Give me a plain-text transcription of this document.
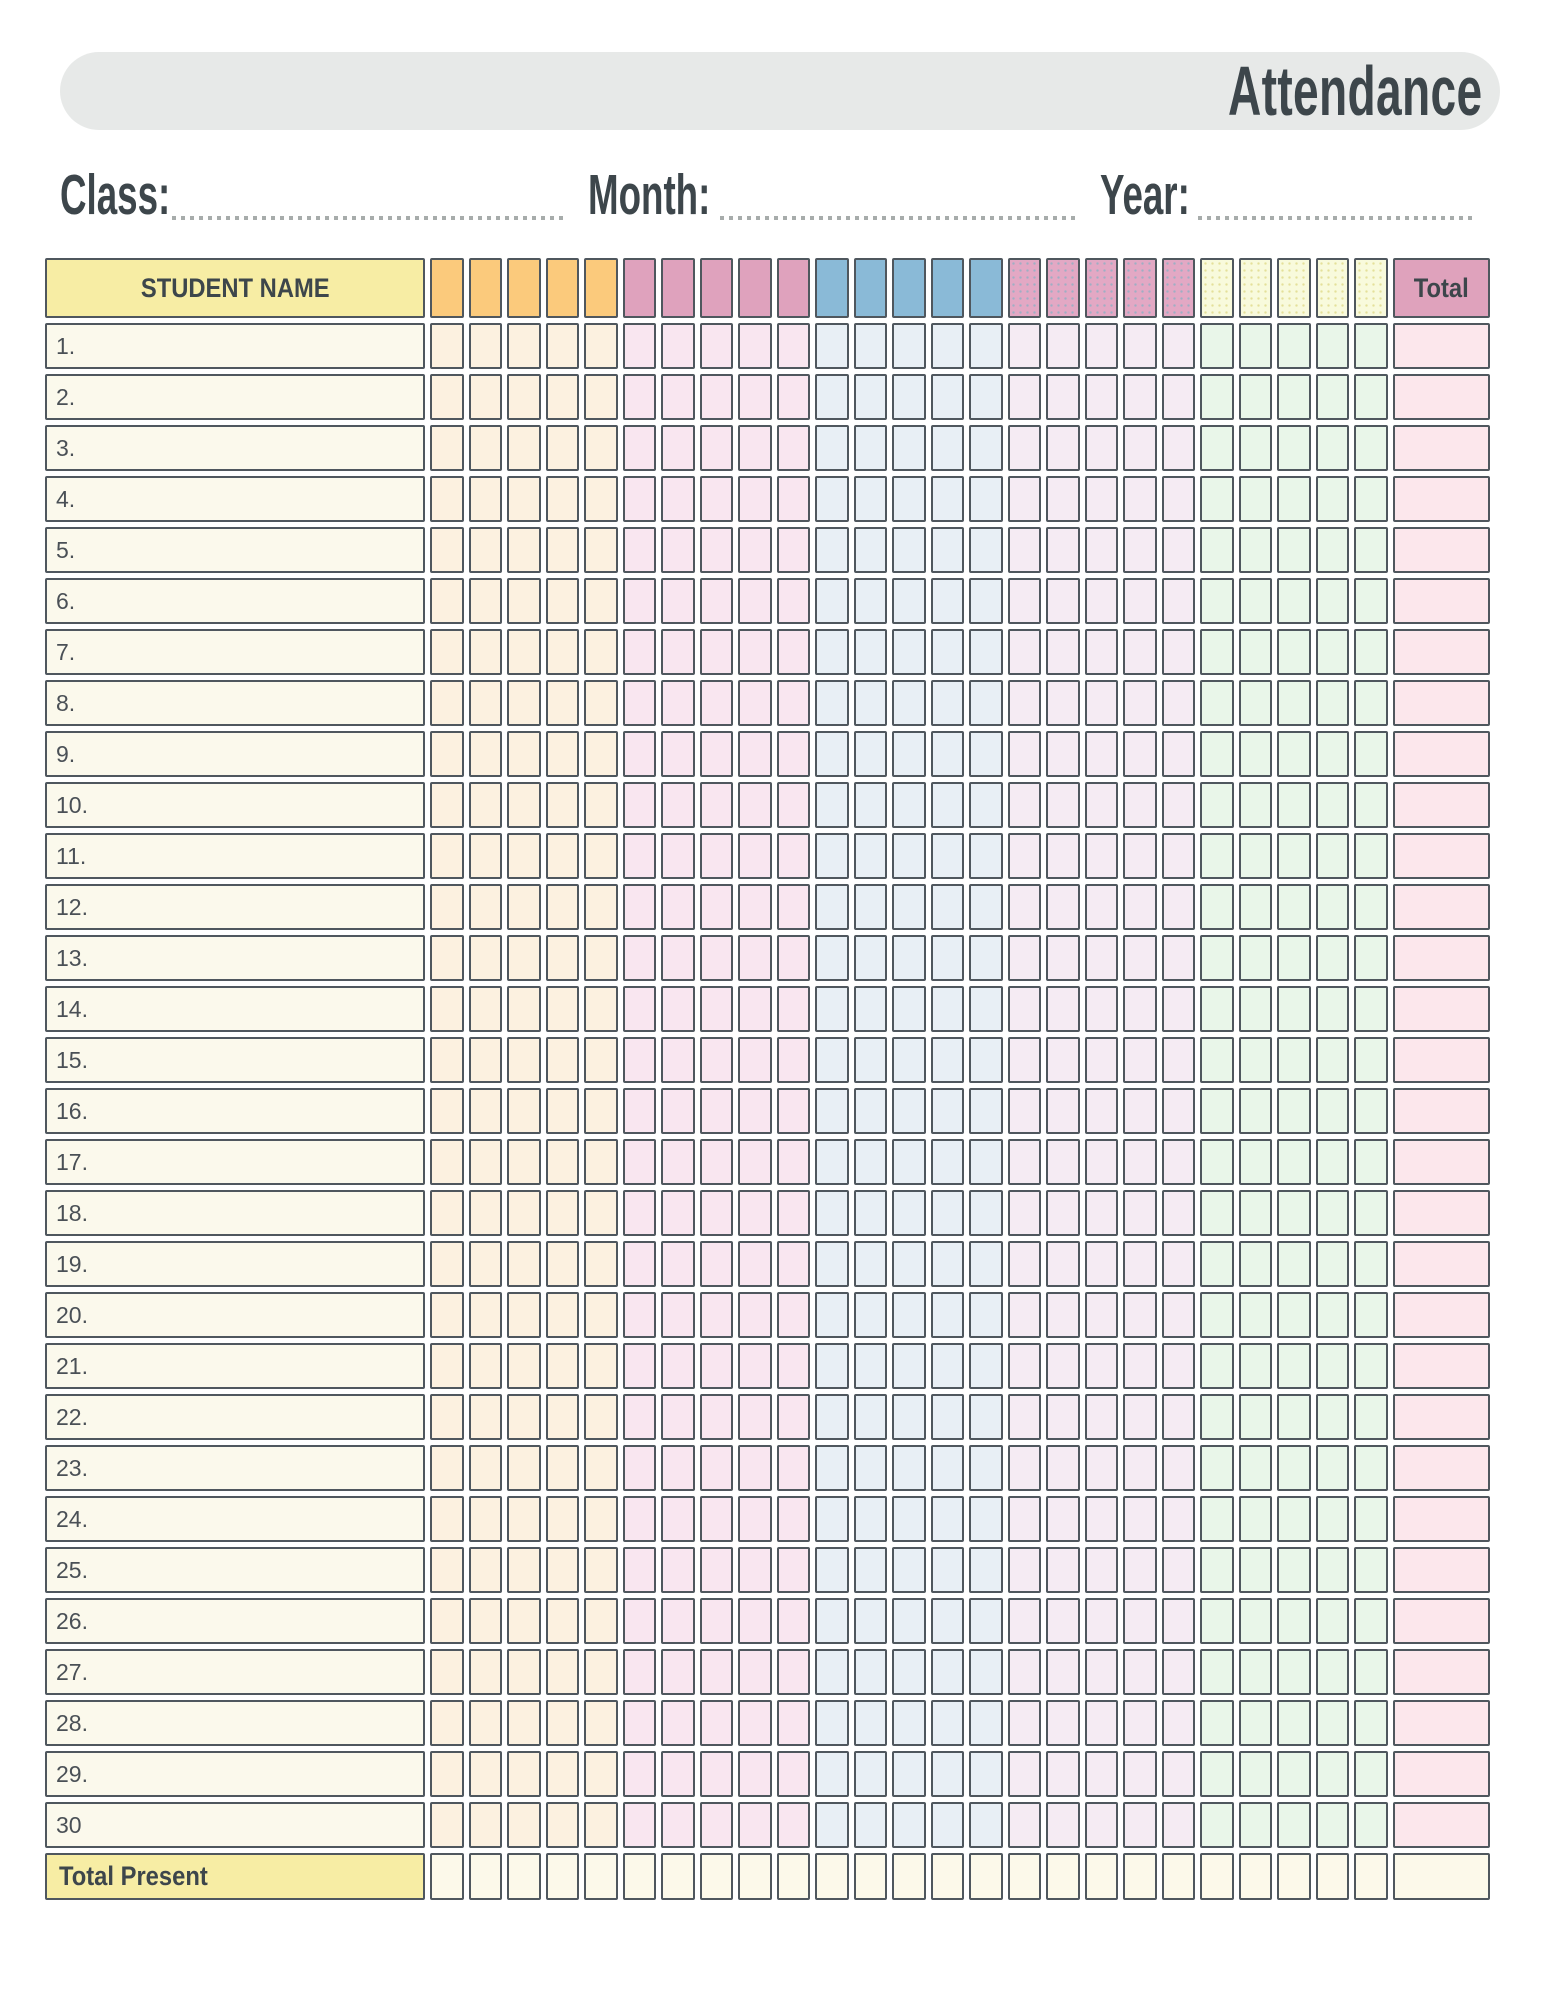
Attendance
Class:	Month:	Year:
STUDENT NAME	Total
1.
2.
3.
4.
5.
6.
7.
8.
9.
10.
11.
12.
13.
14.
15.
16.
17.
18.
19.
20.
21.
22.
23.
24.
25.
26.
27.
28.
29.
30
Total Present
